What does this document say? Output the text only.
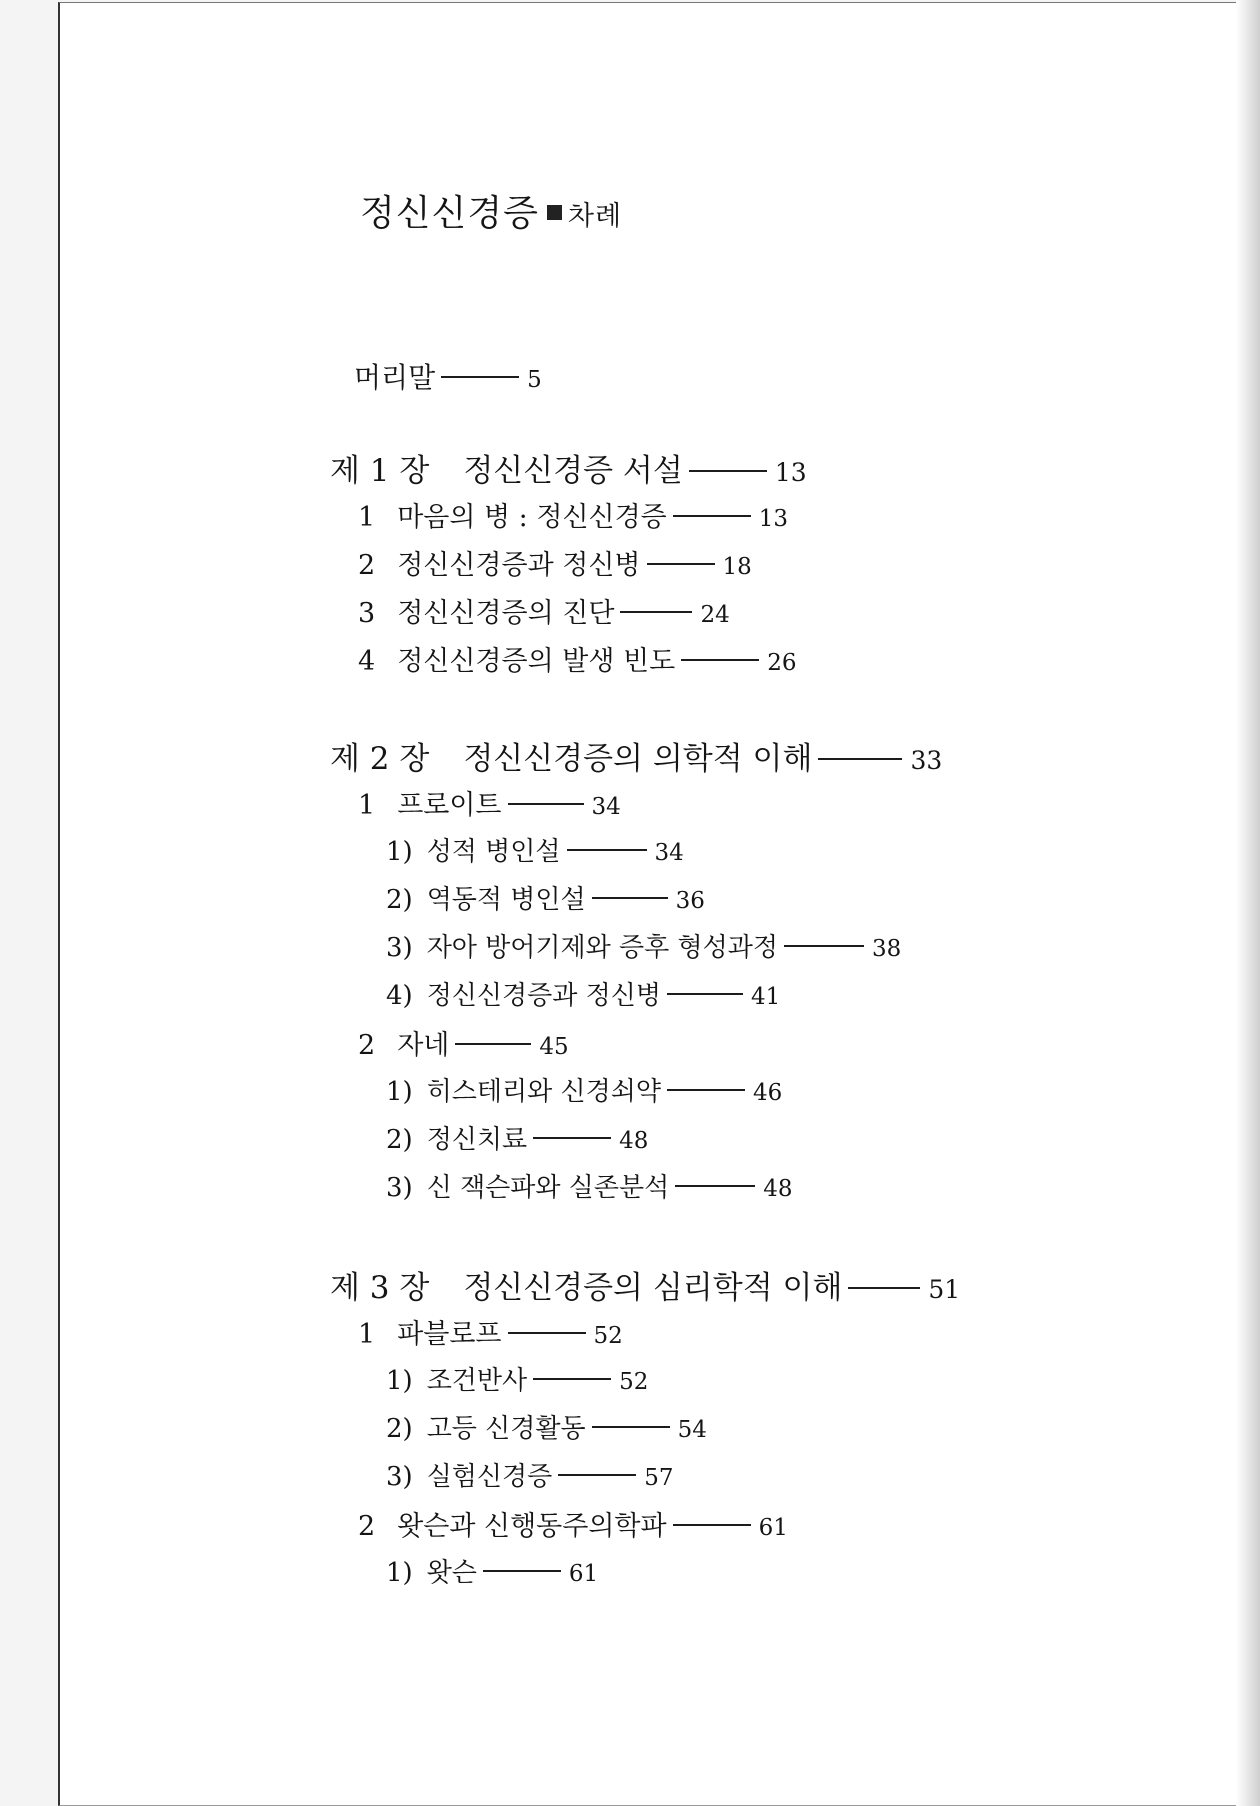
정신신경증 차례
머리말	5
제 1 장 정신신경증 서설	13
1 마음의 병 : 정신신경증	13
2 정신신경증과 정신병	18
3 정신신경증의 진단	24
4 정신신경증의 발생 빈도	26
제 2 장 정신신경증의 의학적 이해	33
1 프로이트	34
1) 성적 병인설	34
2) 역동적 병인설	36
3) 자아 방어기제와 증후 형성과정	38
4) 정신신경증과 정신병	41
2 자네	45
1) 히스테리와 신경쇠약	46
2) 정신치료	48
3) 신 잭슨파와 실존분석	48
제 3 장 정신신경증의 심리학적 이해	51
1 파블로프	52
1) 조건반사	52
2) 고등 신경활동	54
3) 실험신경증	57
2 왓슨과 신행동주의학파	61
1) 왓슨	61
